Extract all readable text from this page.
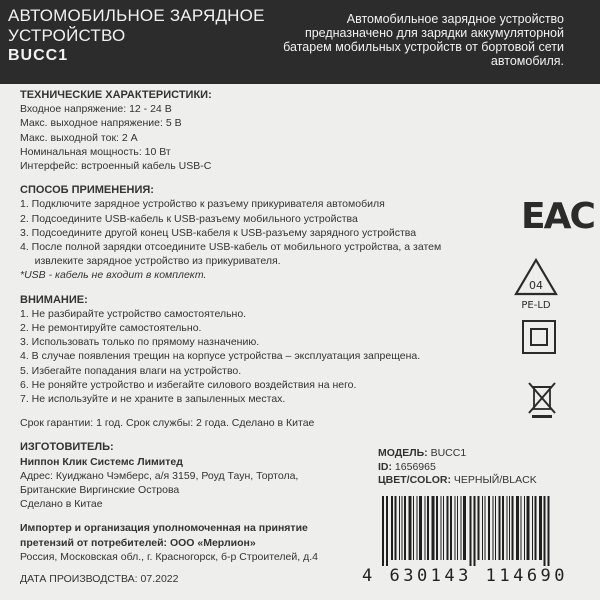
АВТОМОБИЛЬНОЕ ЗАРЯДНОЕ УСТРОЙСТВО
BUCC1
Автомобильное зарядное устройство предназначено для зарядки аккумуляторной батарем мобильных устройств от бортовой сети автомобиля.
ТЕХНИЧЕСКИЕ ХАРАКТЕРИСТИКИ:
Входное напряжение: 12 - 24 В
Макс. выходное напряжение: 5 В
Макс. выходной ток: 2 А
Номинальная мощность: 10 Вт
Интерфейс: встроенный кабель USB-C
СПОСОБ ПРИМЕНЕНИЯ:
1. Подключите зарядное устройство к разъему прикуривателя автомобиля
2. Подсоедините USB-кабель к USB-разъему мобильного устройства
3. Подсоедините другой конец USB-кабеля к USB-разъему зарядного устройства
4. После полной зарядки отсоедините USB-кабель от мобильного устройства, а затем
извлеките зарядное устройство из прикуривателя.
*USB - кабель не входит в комплект.
ВНИМАНИЕ:
1. Не разбирайте устройство самостоятельно.
2. Не ремонтируйте самостоятельно.
3. Использовать только по прямому назначению.
4. В случае появления трещин на корпусе устройства – эксплуатация запрещена.
5. Избегайте попадания влаги на устройство.
6. Не роняйте устройство и избегайте силового воздействия на него.
7. Не используйте и не храните в запыленных местах.
Срок гарантии: 1 год. Срок службы: 2 года. Сделано в Китае
ИЗГОТОВИТЕЛЬ:
Ниппон Клик Системс Лимитед
Адрес: Куиджано Чэмберс, а/я 3159, Роуд Таун, Тортола,
Британские Виргинские Острова
Сделано в Китае
Импортер и организация уполномоченная на принятие
претензий от потребителей: ООО «Мерлион»
Россия, Московская обл., г. Красногорск, б-р Строителей, д.4
ДАТА ПРОИЗВОДСТВА: 07.2022
EAC
04
PE-LD
МОДЕЛЬ: BUCC1
ID: 1656965
ЦВЕТ/COLOR: ЧЕРНЫЙ/BLACK
4 630143 114690
